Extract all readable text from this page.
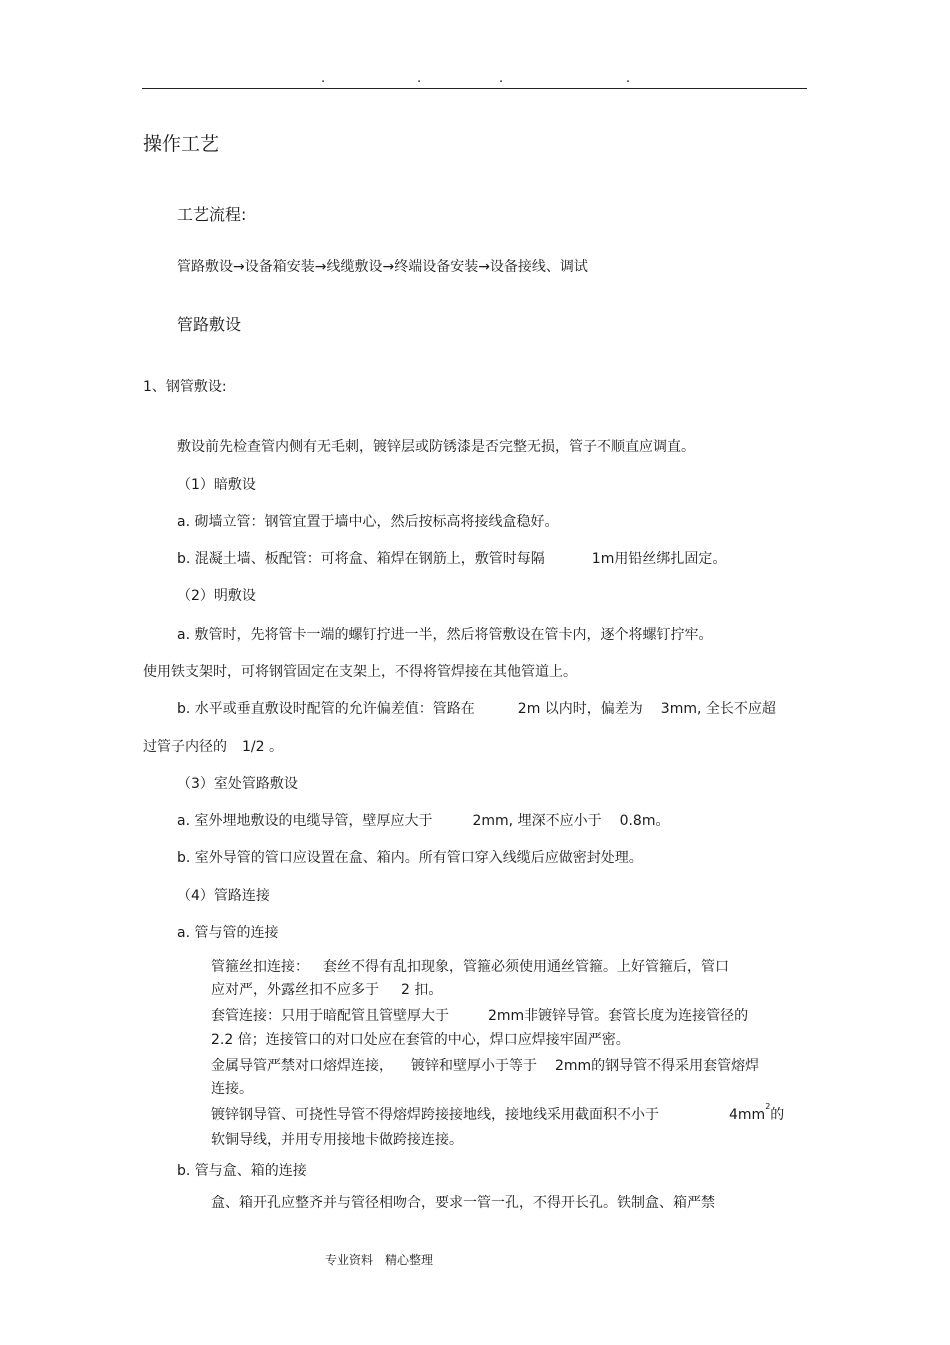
.	.	.	.
操作工艺
工艺流程:
管路敷设→设备箱安装→线缆敷设→终端设备安装→设备接线、调试
管路敷设
1、钢管敷设:
敷设前先检查管内侧有无毛刺，镀锌层或防锈漆是否完整无损，管子不顺直应调直。
（1）暗敷设
a. 砌墙立管：钢管宜置于墙中心，然后按标高将接线盒稳好。
b. 混凝土墙、板配管：可将盒、箱焊在钢筋上，敷管时每隔	1m用铅丝绑扎固定。
（2）明敷设
a. 敷管时，先将管卡一端的螺钉拧进一半，然后将管敷设在管卡内，逐个将螺钉拧牢。
使用铁支架时，可将钢管固定在支架上，不得将管焊接在其他管道上。
b. 水平或垂直敷设时配管的允许偏差值：管路在	2m 以内时，偏差为 3mm, 全长不应超
过管子内径的 1/2 。
（3）室处管路敷设
a. 室外埋地敷设的电缆导管，壁厚应大于	2mm, 埋深不应小于 0.8m。
b. 室外导管的管口应设置在盒、箱内。所有管口穿入线缆后应做密封处理。
（4）管路连接
a. 管与管的连接
管箍丝扣连接： 套丝不得有乱扣现象，管箍必须使用通丝管箍。上好管箍后，管口
应对严，外露丝扣不应多于 2 扣。
套管连接：只用于暗配管且管壁厚大于	2mm非镀锌导管。套管长度为连接管径的
2.2 倍；连接管口的对口处应在套管的中心，焊口应焊接牢固严密。
金属导管严禁对口熔焊连接， 镀锌和壁厚小于等于 2mm的钢导管不得采用套管熔焊
连接。
镀锌钢导管、可挠性导管不得熔焊跨接接地线，接地线采用截面积不小于	$4mm^2$的
软铜导线，并用专用接地卡做跨接连接。
b. 管与盒、箱的连接
盒、箱开孔应整齐并与管径相吻合，要求一管一孔，不得开长孔。铁制盒、箱严禁
专业资料　精心整理
